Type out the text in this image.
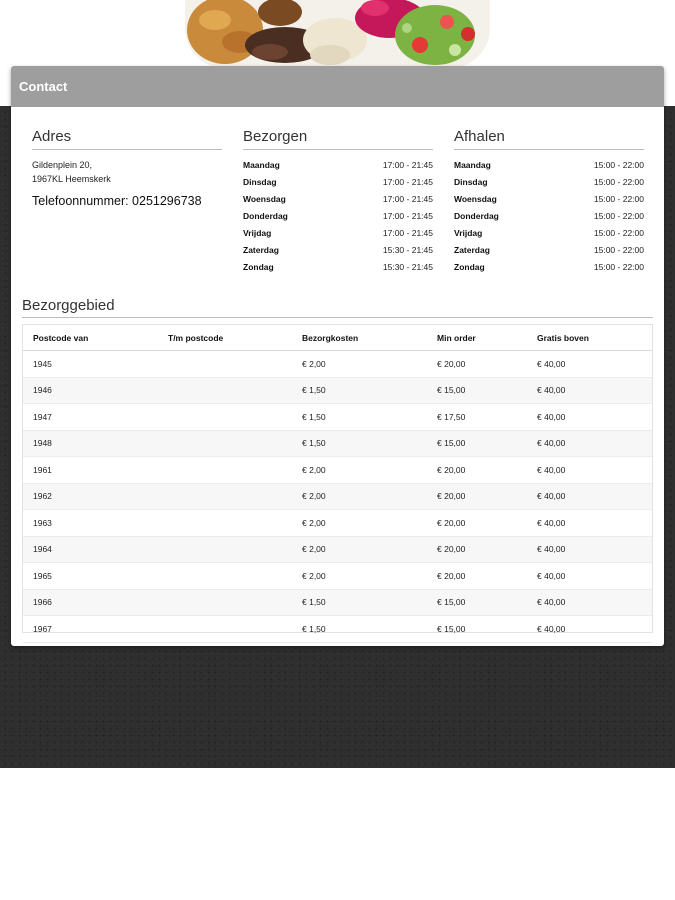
Contact
Adres
Gildenplein 20,
1967KL Heemskerk
Telefoonnummer: 0251296738
Bezorgen
Maandag	17:00 - 21:45
Dinsdag	17:00 - 21:45
Woensdag	17:00 - 21:45
Donderdag	17:00 - 21:45
Vrijdag	17:00 - 21:45
Zaterdag	15:30 - 21:45
Zondag	15:30 - 21:45
Afhalen
Maandag	15:00 - 22:00
Dinsdag	15:00 - 22:00
Woensdag	15:00 - 22:00
Donderdag	15:00 - 22:00
Vrijdag	15:00 - 22:00
Zaterdag	15:00 - 22:00
Zondag	15:00 - 22:00
Bezorggebied
Postcode van	T/m postcode	Bezorgkosten	Min order	Gratis boven
1945		€ 2,00	€ 20,00	€ 40,00
1946		€ 1,50	€ 15,00	€ 40,00
1947		€ 1,50	€ 17,50	€ 40,00
1948		€ 1,50	€ 15,00	€ 40,00
1961		€ 2,00	€ 20,00	€ 40,00
1962		€ 2,00	€ 20,00	€ 40,00
1963		€ 2,00	€ 20,00	€ 40,00
1964		€ 2,00	€ 20,00	€ 40,00
1965		€ 2,00	€ 20,00	€ 40,00
1966		€ 1,50	€ 15,00	€ 40,00
1967		€ 1,50	€ 15,00	€ 40,00
